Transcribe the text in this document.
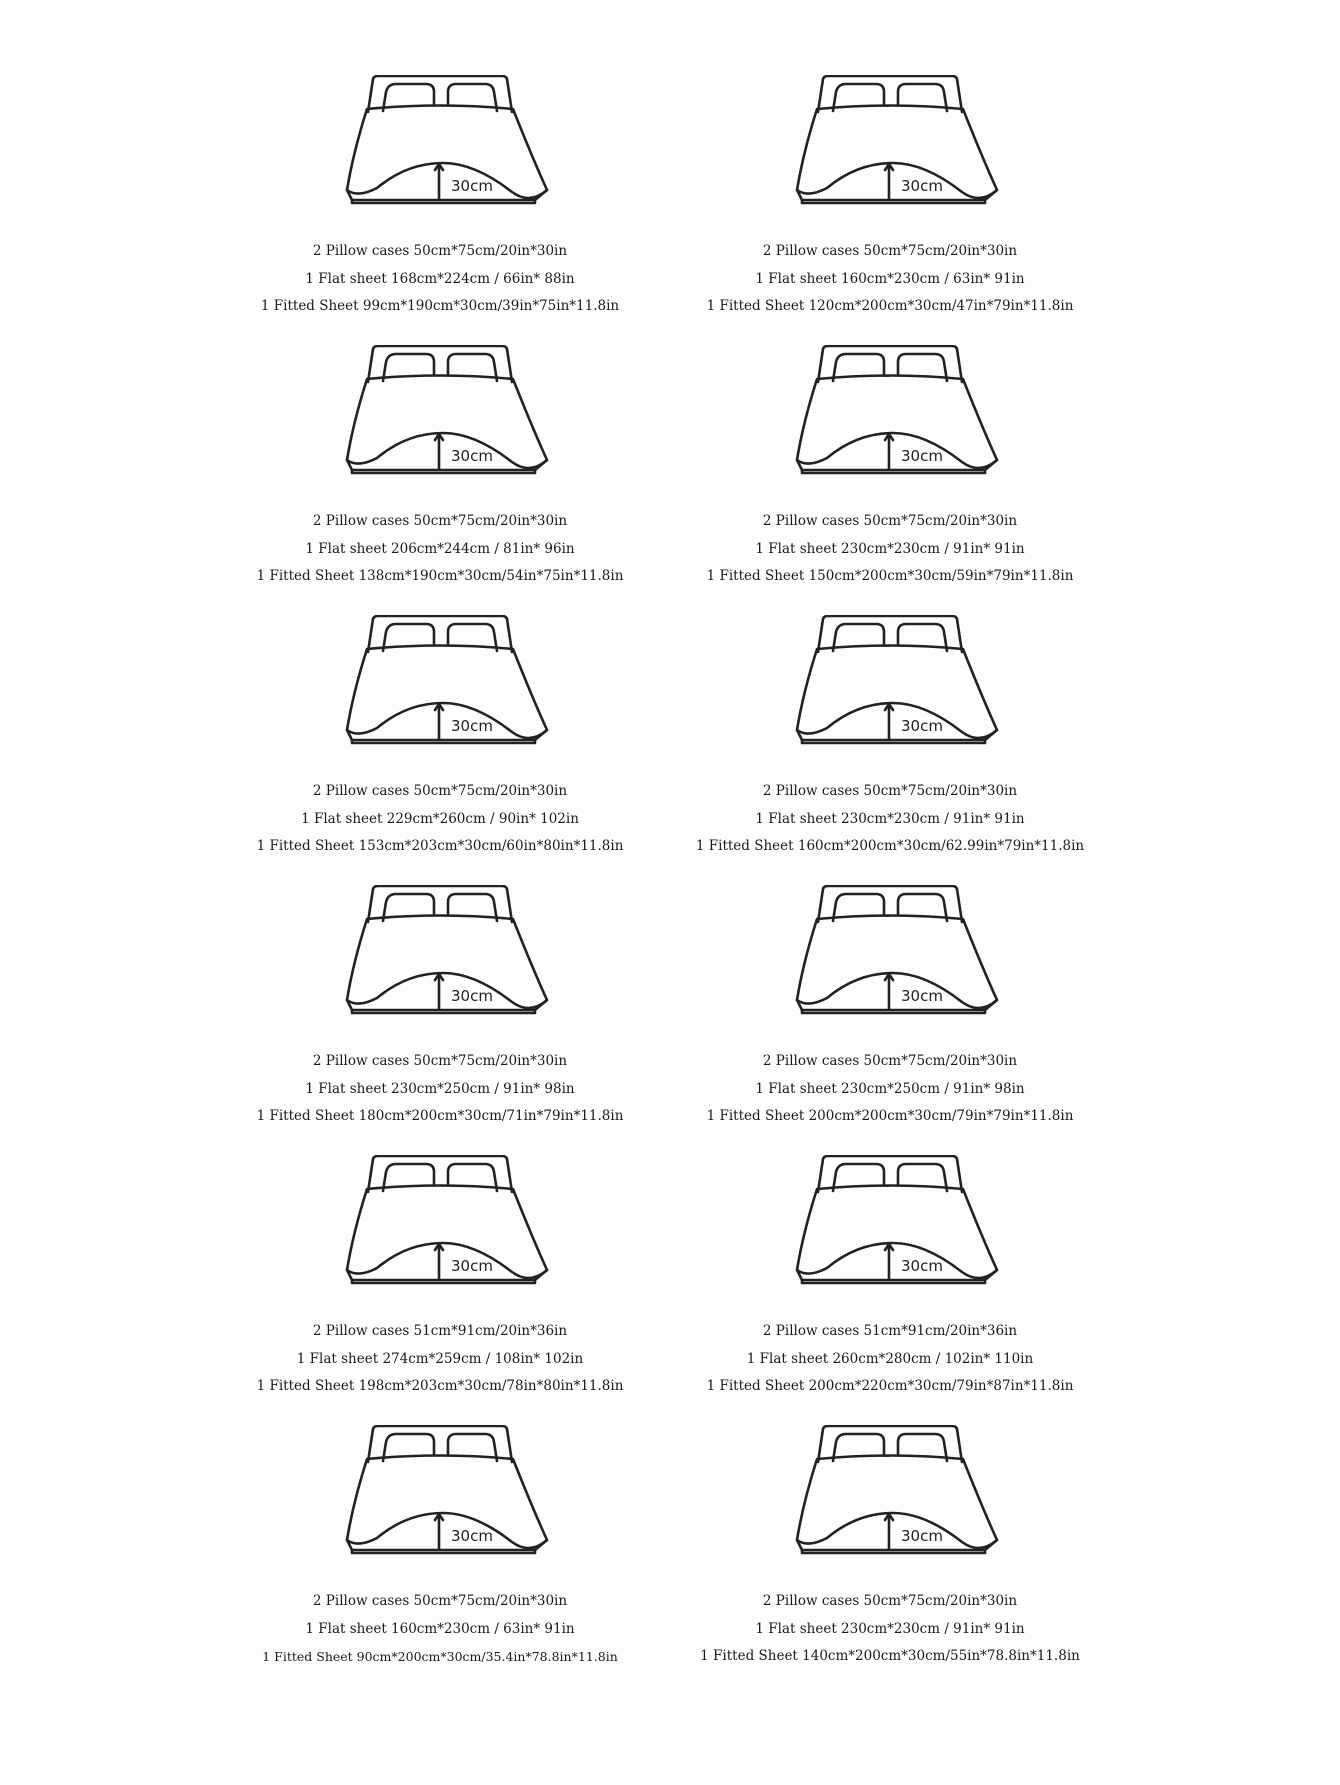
30cm
2 Pillow cases 50cm*75cm/20in*30in
1 Flat sheet 168cm*224cm / 66in* 88in
1 Fitted Sheet 99cm*190cm*30cm/39in*75in*11.8in
30cm
2 Pillow cases 50cm*75cm/20in*30in
1 Flat sheet 160cm*230cm / 63in* 91in
1 Fitted Sheet 120cm*200cm*30cm/47in*79in*11.8in
30cm
2 Pillow cases 50cm*75cm/20in*30in
1 Flat sheet 206cm*244cm / 81in* 96in
1 Fitted Sheet 138cm*190cm*30cm/54in*75in*11.8in
30cm
2 Pillow cases 50cm*75cm/20in*30in
1 Flat sheet 230cm*230cm / 91in* 91in
1 Fitted Sheet 150cm*200cm*30cm/59in*79in*11.8in
30cm
2 Pillow cases 50cm*75cm/20in*30in
1 Flat sheet 229cm*260cm / 90in* 102in
1 Fitted Sheet 153cm*203cm*30cm/60in*80in*11.8in
30cm
2 Pillow cases 50cm*75cm/20in*30in
1 Flat sheet 230cm*230cm / 91in* 91in
1 Fitted Sheet 160cm*200cm*30cm/62.99in*79in*11.8in
30cm
2 Pillow cases 50cm*75cm/20in*30in
1 Flat sheet 230cm*250cm / 91in* 98in
1 Fitted Sheet 180cm*200cm*30cm/71in*79in*11.8in
30cm
2 Pillow cases 50cm*75cm/20in*30in
1 Flat sheet 230cm*250cm / 91in* 98in
1 Fitted Sheet 200cm*200cm*30cm/79in*79in*11.8in
30cm
2 Pillow cases 51cm*91cm/20in*36in
1 Flat sheet 274cm*259cm / 108in* 102in
1 Fitted Sheet 198cm*203cm*30cm/78in*80in*11.8in
30cm
2 Pillow cases 51cm*91cm/20in*36in
1 Flat sheet 260cm*280cm / 102in* 110in
1 Fitted Sheet 200cm*220cm*30cm/79in*87in*11.8in
30cm
2 Pillow cases 50cm*75cm/20in*30in
1 Flat sheet 160cm*230cm / 63in* 91in
1 Fitted Sheet 90cm*200cm*30cm/35.4in*78.8in*11.8in
30cm
2 Pillow cases 50cm*75cm/20in*30in
1 Flat sheet 230cm*230cm / 91in* 91in
1 Fitted Sheet 140cm*200cm*30cm/55in*78.8in*11.8in
